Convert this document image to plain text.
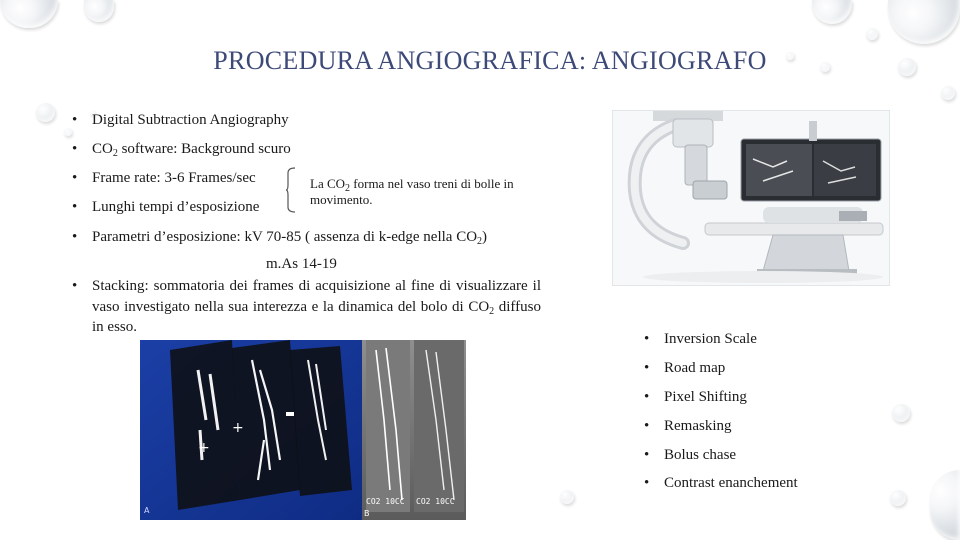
PROCEDURA ANGIOGRAFICA: ANGIOGRAFO
• Digital Subtraction Angiography
• $CO_2$ software: Background scuro
• Frame rate: 3-6 Frames/sec
• Lunghi tempi d’esposizione
La $CO_2$ forma nel vaso treni di bolle in movimento.
• Parametri d’esposizione: kV 70-85 ( assenza di k-edge nella $CO_2$)
m.As 14-19
• Stacking: sommatoria dei frames di acquisizione al fine di visualizzare il vaso investigato nella sua interezza e la dinamica del bolo di $CO_2$ diffuso in esso.
+
+
A	B
CO2 10CC CO2 10CC
• Inversion Scale
• Road map
• Pixel Shifting
• Remasking
• Bolus chase
• Contrast enanchement
